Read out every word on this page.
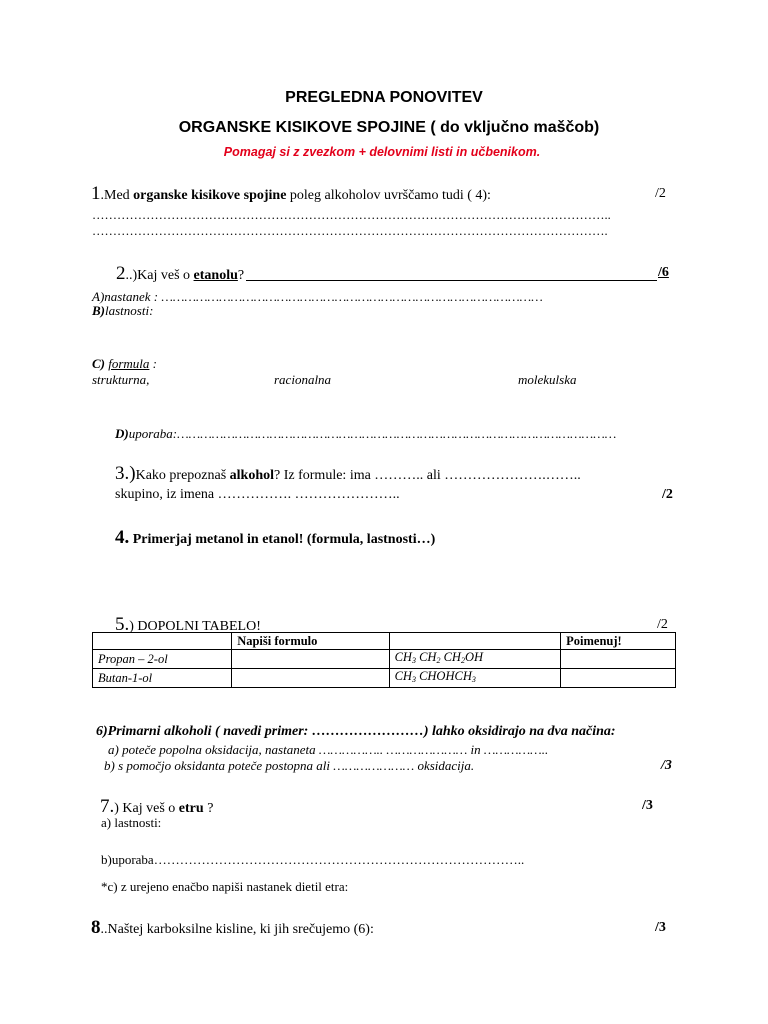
PREGLEDNA PONOVITEV
ORGANSKE KISIKOVE SPOJINE ( do vključno maščob)
Pomagaj si z zvezkom + delovnimi listi in učbenikom.
1.Med organske kisikove spojine poleg alkoholov uvrščamo tudi ( 4):	/2
……………………………………………………………………………………………………………..
…………………………………………………………………………………………………………….
2..)Kaj veš o etanolu?	/6
A)nastanek : ………………………………………………………………………………………
B)lastnosti:
C) formula :
strukturna,	racionalna	molekulska
D)uporaba:……………………………………………………………………………………………………
3.)Kako prepoznaš alkohol? Iz formule: ima ……….. ali ………………….……..
skupino, iz imena ……………. …………………..	/2
4. Primerjaj metanol in etanol! (formula, lastnosti…)
5.) DOPOLNI TABELO!	/2
	Napiši formulo		Poimenuj!
Propan – 2-ol		$CH_3$ $CH_2$ $CH_2OH$	
Butan-1-ol		$CH_3$ $CHOHCH_3$	
6)Primarni alkoholi ( navedi primer: ……………………) lahko oksidirajo na dva načina:
a) poteče popolna oksidacija, nastaneta …………….. ………………… in ……………..
b) s pomočjo oksidanta poteče postopna ali ………………… oksidacija.	/3
7.) Kaj veš o etru ?	/3
a) lastnosti:
b)uporaba…………………………………………………………………………..
*c) z urejeno enačbo napiši nastanek dietil etra:
8..Naštej karboksilne kisline, ki jih srečujemo (6):	/3
